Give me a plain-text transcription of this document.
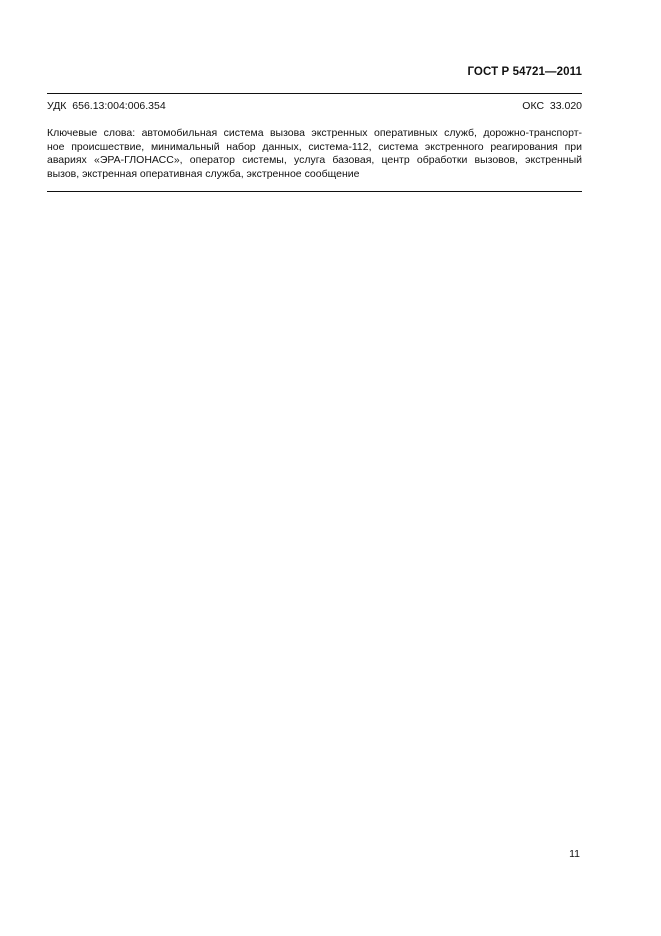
ГОСТ Р 54721—2011
УДК  656.13:004:006.354	ОКС  33.020
Ключевые слова: автомобильная система вызова экстренных оперативных служб, дорожно-транспорт-
ное происшествие, минимальный набор данных, система-112, система экстренного реагирования при
авариях «ЭРА-ГЛОНАСС», оператор системы, услуга базовая, центр обработки вызовов, экстренный
вызов, экстренная оперативная служба, экстренное сообщение
11
